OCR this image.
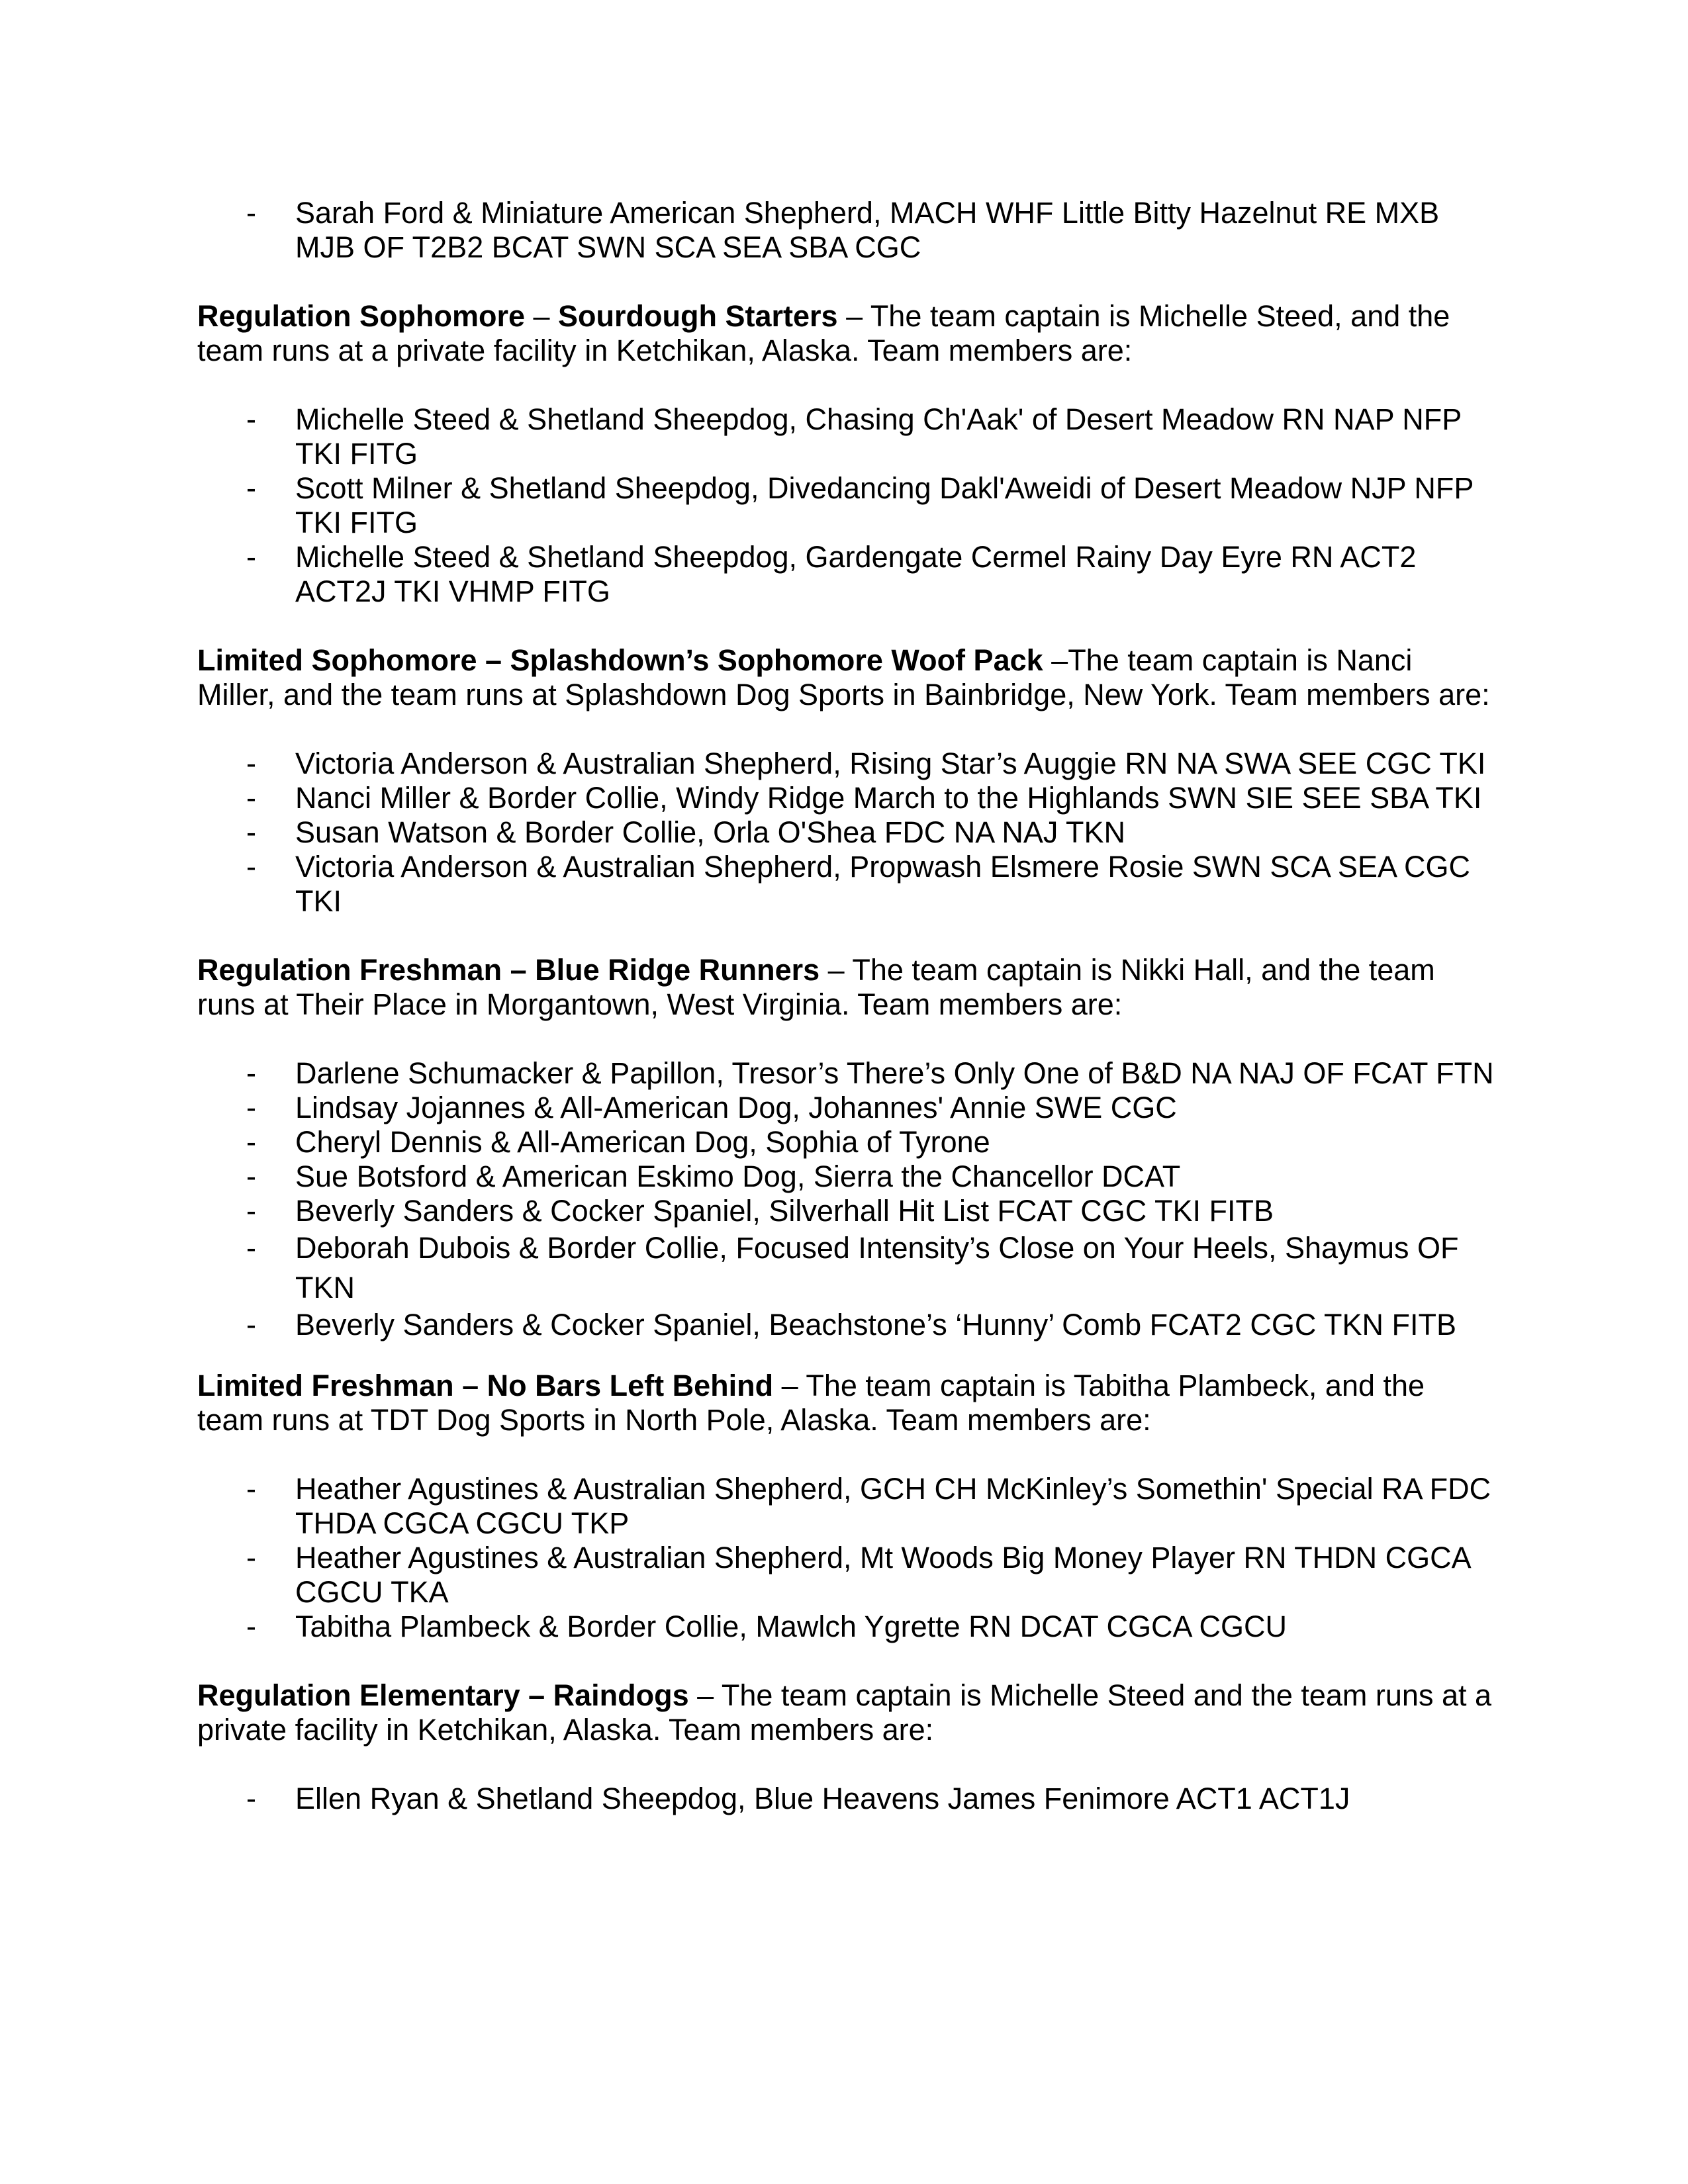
- Sarah Ford & Miniature American Shepherd, MACH WHF Little Bitty Hazelnut RE MXB MJB OF T2B2 BCAT SWN SCA SEA SBA CGC

Regulation Sophomore – Sourdough Starters – The team captain is Michelle Steed, and the team runs at a private facility in Ketchikan, Alaska. Team members are:

- Michelle Steed & Shetland Sheepdog, Chasing Ch'Aak' of Desert Meadow RN NAP NFP TKI FITG
- Scott Milner & Shetland Sheepdog, Divedancing Dakl'Aweidi of Desert Meadow NJP NFP TKI FITG
- Michelle Steed & Shetland Sheepdog, Gardengate Cermel Rainy Day Eyre RN ACT2 ACT2J TKI VHMP FITG

Limited Sophomore – Splashdown’s Sophomore Woof Pack –The team captain is Nanci Miller, and the team runs at Splashdown Dog Sports in Bainbridge, New York. Team members are:

- Victoria Anderson & Australian Shepherd, Rising Star’s Auggie RN NA SWA SEE CGC TKI
- Nanci Miller & Border Collie, Windy Ridge March to the Highlands SWN SIE SEE SBA TKI
- Susan Watson & Border Collie, Orla O'Shea FDC NA NAJ TKN
- Victoria Anderson & Australian Shepherd, Propwash Elsmere Rosie SWN SCA SEA CGC TKI

Regulation Freshman – Blue Ridge Runners – The team captain is Nikki Hall, and the team runs at Their Place in Morgantown, West Virginia. Team members are:

- Darlene Schumacker & Papillon, Tresor’s There’s Only One of B&D NA NAJ OF FCAT FTN
- Lindsay Jojannes & All-American Dog, Johannes' Annie SWE CGC
- Cheryl Dennis & All-American Dog, Sophia of Tyrone
- Sue Botsford & American Eskimo Dog, Sierra the Chancellor DCAT
- Beverly Sanders & Cocker Spaniel, Silverhall Hit List FCAT CGC TKI FITB
- Deborah Dubois & Border Collie, Focused Intensity’s Close on Your Heels, Shaymus OF TKN
- Beverly Sanders & Cocker Spaniel, Beachstone’s ‘Hunny’ Comb FCAT2 CGC TKN FITB

Limited Freshman – No Bars Left Behind – The team captain is Tabitha Plambeck, and the team runs at TDT Dog Sports in North Pole, Alaska. Team members are:

- Heather Agustines & Australian Shepherd, GCH CH McKinley’s Somethin' Special RA FDC THDA CGCA CGCU TKP
- Heather Agustines & Australian Shepherd, Mt Woods Big Money Player RN THDN CGCA CGCU TKA
- Tabitha Plambeck & Border Collie, Mawlch Ygrette RN DCAT CGCA CGCU

Regulation Elementary – Raindogs – The team captain is Michelle Steed and the team runs at a private facility in Ketchikan, Alaska. Team members are:

- Ellen Ryan & Shetland Sheepdog, Blue Heavens James Fenimore ACT1 ACT1J
